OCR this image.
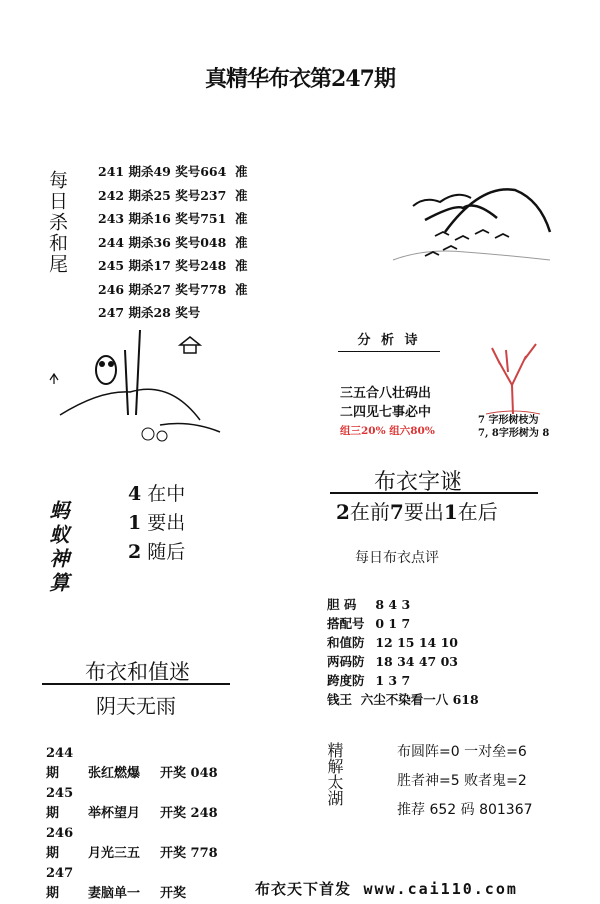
真精华布衣第247期
每日杀和尾 241 期杀49 奖号664 准
242 期杀25 奖号237 准
243 期杀16 奖号751 准
244 期杀36 奖号048 准
245 期杀17 奖号248 准
246 期杀27 奖号778 准
247 期杀28 奖号
分 析 诗
三五合八壮码出
二四见七事必中
组三20% 组六80%
7 字形树枝为
7, 8字形树为 8
蚂蚁神算
4 在中
1 要出
2 随后
布衣字谜
2在前7要出1在后
每日布衣点评
胆 码 8 4 3
搭配号 0 1 7
和值防 12 15 14 10
两码防 18 34 47 03
跨度防 1 3 7
钱王 六尘不染看一八 618
布衣和值迷
阴天无雨
244 期 张红燃爆 开奖 048
245 期 举杯望月 开奖 248
246 期 月光三五 开奖 778
247 期 妻脑单一 开奖
精解太湖	布圆阵=0 一对垒=6
胜者神=5 败者鬼=2
推荐 652 码 801367
布衣天下首发 www.cai110.com
